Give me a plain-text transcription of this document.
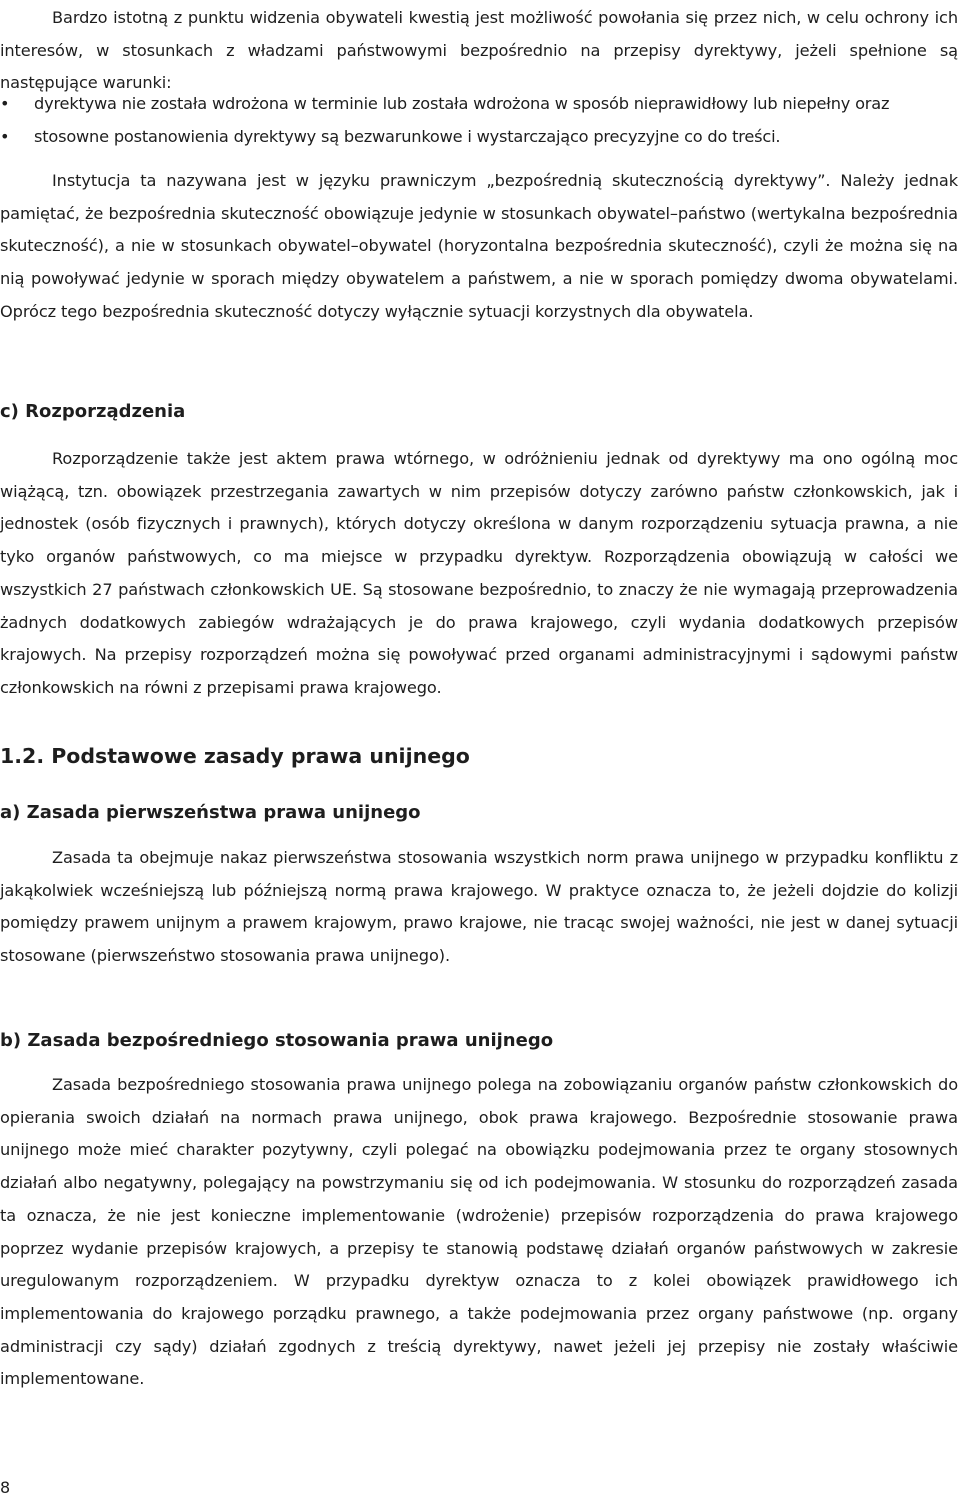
Bardzo istotną z punktu widzenia obywateli kwestią jest możliwość powołania się przez nich, w celu ochrony ich interesów, w stosunkach z władzami państwowymi bezpośrednio na przepisy dyrektywy, jeżeli spełnione są następujące warunki:

•	dyrektywa nie została wdrożona w terminie lub została wdrożona w sposób nieprawidłowy lub niepełny oraz
•	stosowne postanowienia dyrektywy są bezwarunkowe i wystarczająco precyzyjne co do treści.

Instytucja ta nazywana jest w języku prawniczym „bezpośrednią skutecznością dyrektywy”. Należy jednak pamiętać, że bezpośrednia skuteczność obowiązuje jedynie w stosunkach obywatel–państwo (wertykalna bezpośrednia skuteczność), a nie w stosunkach obywatel–obywatel (horyzontalna bezpośrednia skuteczność), czyli że można się na nią powoływać jedynie w sporach między obywatelem a państwem, a nie w sporach pomiędzy dwoma obywatelami. Oprócz tego bezpośrednia skuteczność dotyczy wyłącznie sytuacji korzystnych dla obywatela.

c) Rozporządzenia

Rozporządzenie także jest aktem prawa wtórnego, w odróżnieniu jednak od dyrektywy ma ono ogólną moc wiążącą, tzn. obowiązek przestrzegania zawartych w nim przepisów dotyczy zarówno państw członkowskich, jak i jednostek (osób fizycznych i prawnych), których dotyczy określona w danym rozporządzeniu sytuacja prawna, a nie tyko organów państwowych, co ma miejsce w przypadku dyrektyw. Rozporządzenia obowiązują w całości we wszystkich 27 państwach członkowskich UE. Są stosowane bezpośrednio, to znaczy że nie wymagają przeprowadzenia żadnych dodatkowych zabiegów wdrażających je do prawa krajowego, czyli wydania dodatkowych przepisów krajowych. Na przepisy rozporządzeń można się powoływać przed organami administracyjnymi i sądowymi państw członkowskich na równi z przepisami prawa krajowego.

1.2. Podstawowe zasady prawa unijnego
a) Zasada pierwszeństwa prawa unijnego

Zasada ta obejmuje nakaz pierwszeństwa stosowania wszystkich norm prawa unijnego w przypadku konfliktu z jakąkolwiek wcześniejszą lub późniejszą normą prawa krajowego. W praktyce oznacza to, że jeżeli dojdzie do kolizji pomiędzy prawem unijnym a prawem krajowym, prawo krajowe, nie tracąc swojej ważności, nie jest w danej sytuacji stosowane (pierwszeństwo stosowania prawa unijnego).

b) Zasada bezpośredniego stosowania prawa unijnego

Zasada bezpośredniego stosowania prawa unijnego polega na zobowiązaniu organów państw członkowskich do opierania swoich działań na normach prawa unijnego, obok prawa krajowego. Bezpośrednie stosowanie prawa unijnego może mieć charakter pozytywny, czyli polegać na obowiązku podejmowania przez te organy stosownych działań albo negatywny, polegający na powstrzymaniu się od ich podejmowania. W stosunku do rozporządzeń zasada ta oznacza, że nie jest konieczne implementowanie (wdrożenie) przepisów rozporządzenia do prawa krajowego poprzez wydanie przepisów krajowych, a przepisy te stanowią podstawę działań organów państwowych w zakresie uregulowanym rozporządzeniem. W przypadku dyrektyw oznacza to z kolei obowiązek prawidłowego ich implementowania do krajowego porządku prawnego, a także podejmowania przez organy państwowe (np. organy administracji czy sądy) działań zgodnych z treścią dyrektywy, nawet jeżeli jej przepisy nie zostały właściwie implementowane.

8
